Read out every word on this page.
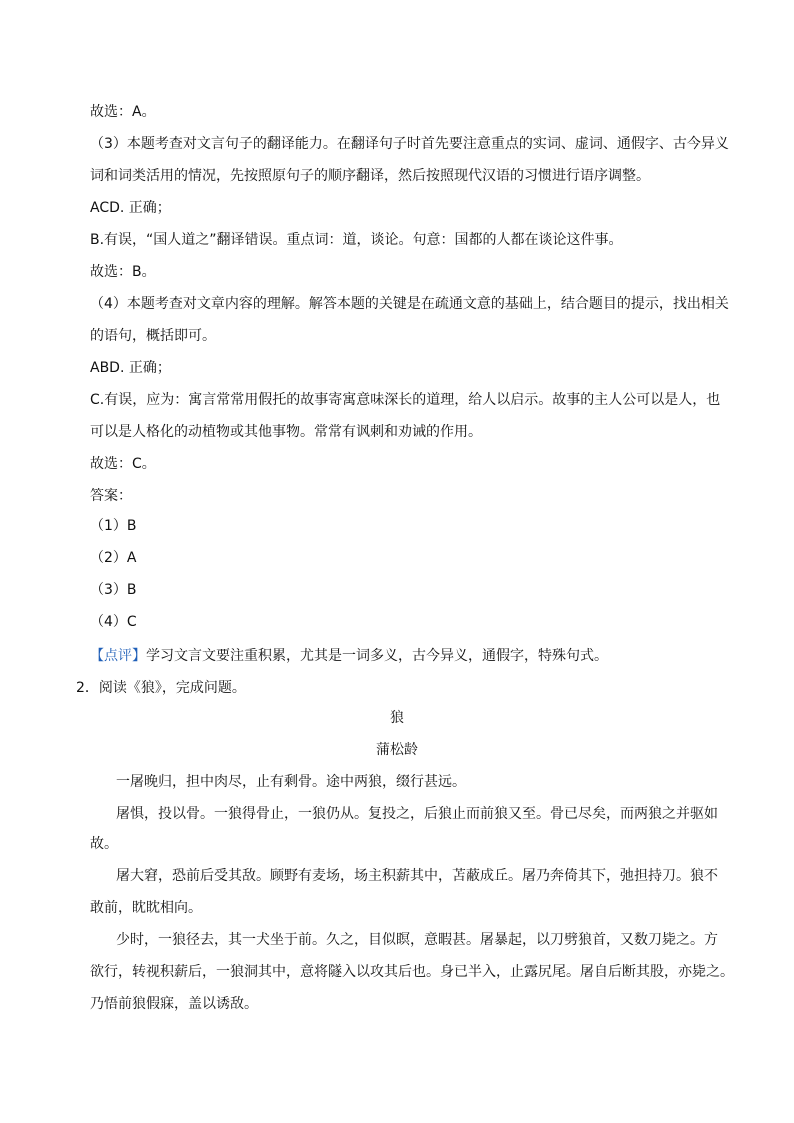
故选：A。
（3）本题考查对文言句子的翻译能力。在翻译句子时首先要注意重点的实词、虚词、通假字、古今异义
词和词类活用的情况，先按照原句子的顺序翻译，然后按照现代汉语的习惯进行语序调整。
ACD. 正确；
B.有误，“国人道之”翻译错误。重点词：道，谈论。句意：国都的人都在谈论这件事。
故选：B。
（4）本题考查对文章内容的理解。解答本题的关键是在疏通文意的基础上，结合题目的提示，找出相关
的语句，概括即可。
ABD. 正确；
C.有误，应为：寓言常常用假托的故事寄寓意味深长的道理，给人以启示。故事的主人公可以是人，也
可以是人格化的动植物或其他事物。常常有讽刺和劝诫的作用。
故选：C。
答案：
（1）B
（2）A
（3）B
（4）C
【点评】学习文言文要注重积累，尤其是一词多义，古今异义，通假字，特殊句式。
2．阅读《狼》，完成问题。
狼
蒲松龄
一屠晚归，担中肉尽，止有剩骨。途中两狼，缀行甚远。
屠惧，投以骨。一狼得骨止，一狼仍从。复投之，后狼止而前狼又至。骨已尽矣，而两狼之并驱如
故。
屠大窘，恐前后受其敌。顾野有麦场，场主积薪其中，苫蔽成丘。屠乃奔倚其下，弛担持刀。狼不
敢前，眈眈相向。
少时，一狼径去，其一犬坐于前。久之，目似瞑，意暇甚。屠暴起，以刀劈狼首，又数刀毙之。方
欲行，转视积薪后，一狼洞其中，意将隧入以攻其后也。身已半入，止露尻尾。屠自后断其股，亦毙之。
乃悟前狼假寐，盖以诱敌。
